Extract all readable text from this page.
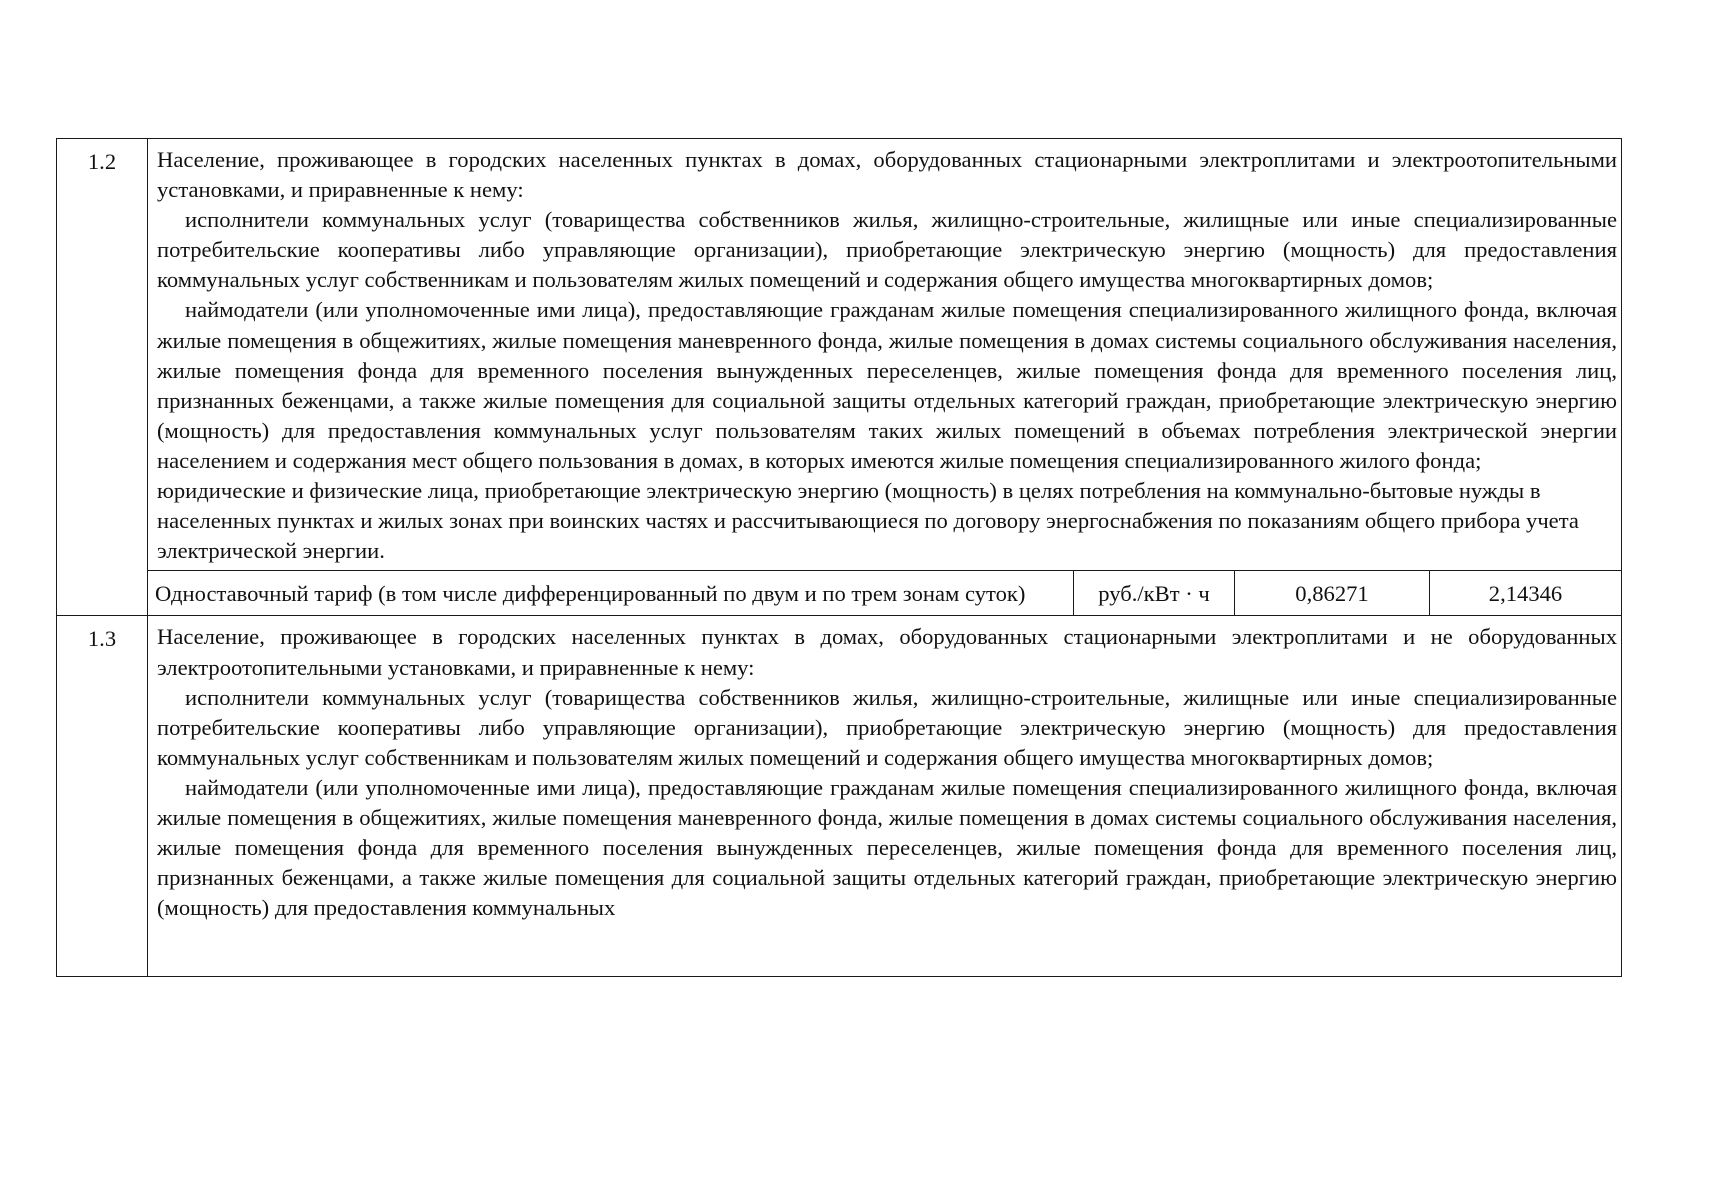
1.2	Население, проживающее в городских населенных пунктах в домах, оборудованных стационарными электроплитами и электроотопительными установками, и приравненные к нему:

исполнители коммунальных услуг (товарищества собственников жилья, жилищно-строительные, жилищные или иные специализированные потребительские кооперативы либо управляющие организации), приобретающие электрическую энергию (мощность) для предоставления коммунальных услуг собственникам и пользователям жилых помещений и содержания общего имущества многоквартирных домов;

наймодатели (или уполномоченные ими лица), предоставляющие гражданам жилые помещения специализированного жилищного фонда, включая жилые помещения в общежитиях, жилые помещения маневренного фонда, жилые помещения в домах системы социального обслуживания населения, жилые помещения фонда для временного поселения вынужденных переселенцев, жилые помещения фонда для временного поселения лиц, признанных беженцами, а также жилые помещения для социальной защиты отдельных категорий граждан, приобретающие электрическую энергию (мощность) для предоставления коммунальных услуг пользователям таких жилых помещений в объемах потребления электрической энергии населением и содержания мест общего пользования в домах, в которых имеются жилые помещения специализированного жилого фонда;

юридические и физические лица, приобретающие электрическую энергию (мощность) в целях потребления на коммунально-бытовые нужды в населенных пунктах и жилых зонах при воинских частях и рассчитывающиеся по договору энергоснабжения по показаниям общего прибора учета электрической энергии.

Одноставочный тариф (в том числе дифференцированный по двум и по трем зонам суток)	руб./кВт · ч	0,86271	2,14346

1.3	Население, проживающее в городских населенных пунктах в домах, оборудованных стационарными электроплитами и не оборудованных электроотопительными установками, и приравненные к нему:

исполнители коммунальных услуг (товарищества собственников жилья, жилищно-строительные, жилищные или иные специализированные потребительские кооперативы либо управляющие организации), приобретающие электрическую энергию (мощность) для предоставления коммунальных услуг собственникам и пользователям жилых помещений и содержания общего имущества многоквартирных домов;

наймодатели (или уполномоченные ими лица), предоставляющие гражданам жилые помещения специализированного жилищного фонда, включая жилые помещения в общежитиях, жилые помещения маневренного фонда, жилые помещения в домах системы социального обслуживания населения, жилые помещения фонда для временного поселения вынужденных переселенцев, жилые помещения фонда для временного поселения лиц, признанных беженцами, а также жилые помещения для социальной защиты отдельных категорий граждан, приобретающие электрическую энергию (мощность) для предоставления коммунальных
